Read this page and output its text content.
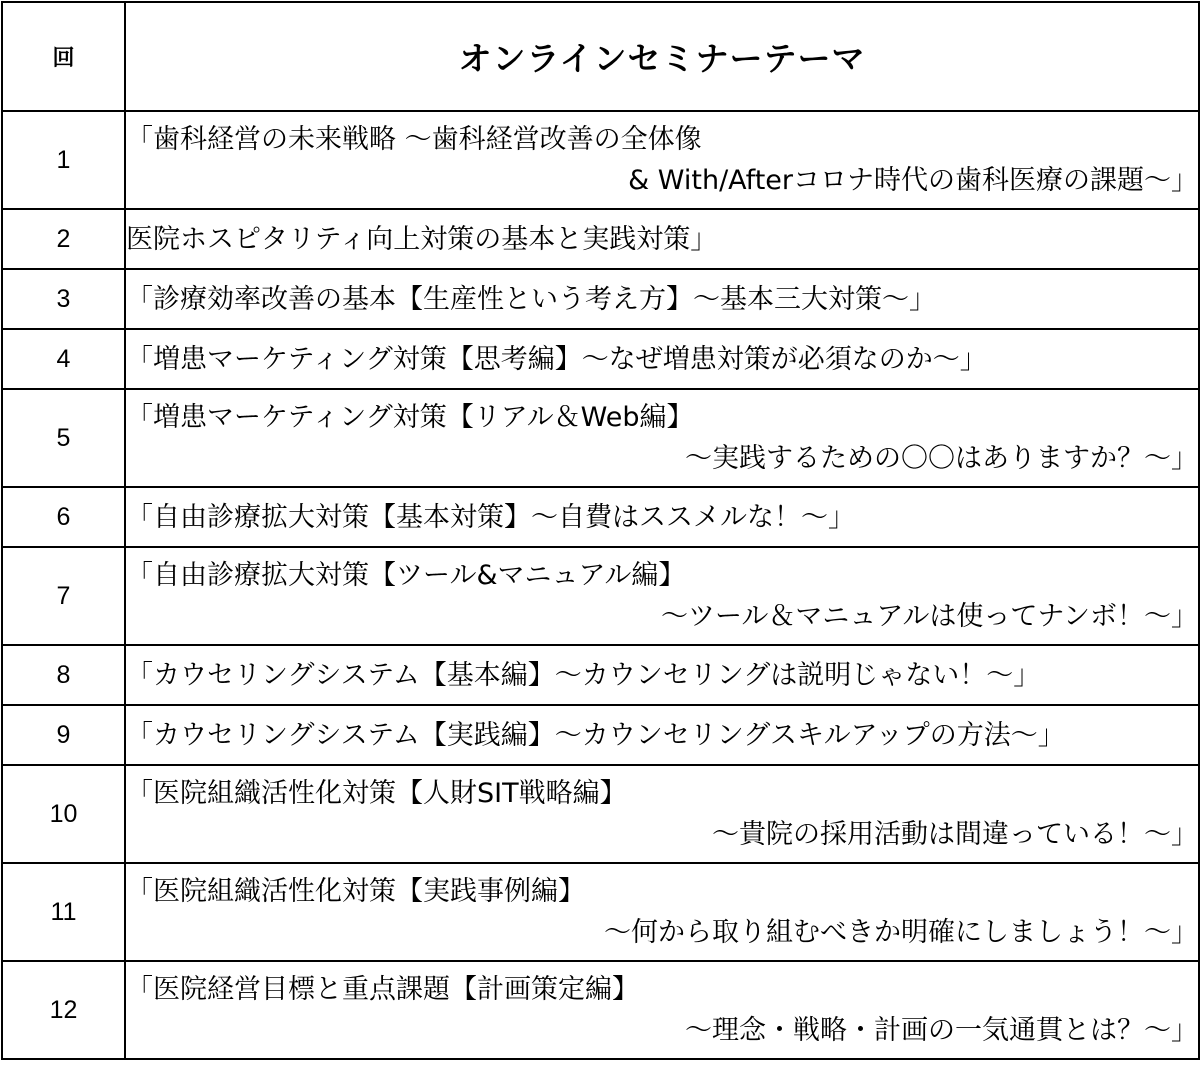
回	オンラインセミナーテーマ
1	「歯科経営の未来戦略 ～歯科経営改善の全体像
& With/Afterコロナ時代の歯科医療の課題～」

2	医院ホスピタリティ向上対策の基本と実践対策」

3	「診療効率改善の基本【生産性という考え方】～基本三大対策～」

4	「増患マーケティング対策【思考編】～なぜ増患対策が必須なのか～」

5	「増患マーケティング対策【リアル＆Web編】
～実践するための〇〇はありますか？～」

6	「自由診療拡大対策【基本対策】～自費はススメルな！～」

7	「自由診療拡大対策【ツール&マニュアル編】
～ツール＆マニュアルは使ってナンボ！～」

8	「カウセリングシステム【基本編】～カウンセリングは説明じゃない！～」

9	「カウセリングシステム【実践編】～カウンセリングスキルアップの方法～」

10	「医院組織活性化対策【人財SIT戦略編】
～貴院の採用活動は間違っている！～」

11	「医院組織活性化対策【実践事例編】
～何から取り組むべきか明確にしましょう！～」

12	「医院経営目標と重点課題【計画策定編】
～理念・戦略・計画の一気通貫とは？～」
